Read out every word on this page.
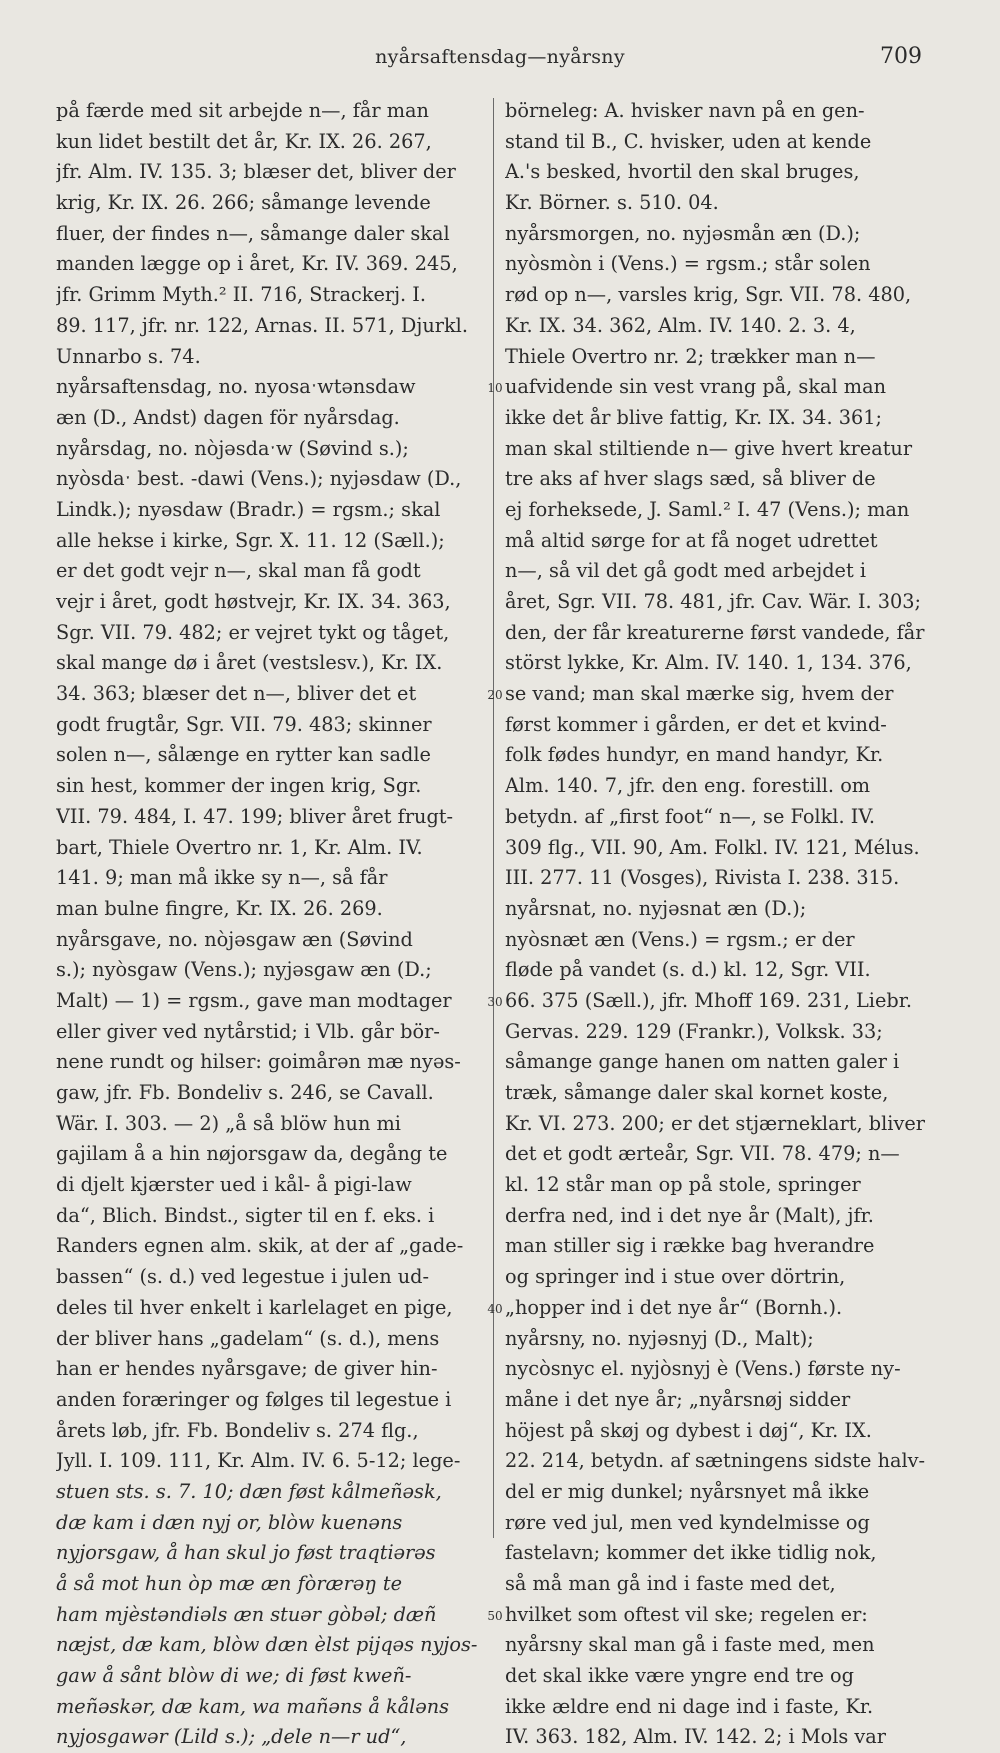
nyårsaftensdag—nyårsny	709
på færde med sit arbejde n—, får man
kun lidet bestilt det år, Kr. IX. 26. 267,
jfr. Alm. IV. 135. 3; blæser det, bliver der
krig, Kr. IX. 26. 266; såmange levende
fluer, der findes n—, såmange daler skal
manden lægge op i året, Kr. IV. 369. 245,
jfr. Grimm Myth.² II. 716, Strackerj. I.
89. 117, jfr. nr. 122, Arnas. II. 571, Djurkl.
Unnarbo s. 74.
nyårsaftensdag, no. nyosaˑwtənsdaw
æn (D., Andst) dagen för nyårsdag.
nyårsdag, no. nòjəsdaˑw (Søvind s.);
nyòsdaˑ best. -dawi (Vens.); nyjəsdaw (D.,
Lindk.); nyəsdaw (Bradr.) = rgsm.; skal
alle hekse i kirke, Sgr. X. 11. 12 (Sæll.);
er det godt vejr n—, skal man få godt
vejr i året, godt høstvejr, Kr. IX. 34. 363,
Sgr. VII. 79. 482; er vejret tykt og tåget,
skal mange dø i året (vestslesv.), Kr. IX.
34. 363; blæser det n—, bliver det et
godt frugtår, Sgr. VII. 79. 483; skinner
solen n—, sålænge en rytter kan sadle
sin hest, kommer der ingen krig, Sgr.
VII. 79. 484, I. 47. 199; bliver året frugt-
bart, Thiele Overtro nr. 1, Kr. Alm. IV.
141. 9; man må ikke sy n—, så får
man bulne fingre, Kr. IX. 26. 269.
nyårsgave, no. nòjəsgaw æn (Søvind
s.); nyòsgaw (Vens.); nyjəsgaw æn (D.;
Malt) — 1) = rgsm., gave man modtager
eller giver ved nytårstid; i Vlb. går bör-
nene rundt og hilser: goimårən mæ nyəs-
gaw, jfr. Fb. Bondeliv s. 246, se Cavall.
Wär. I. 303. — 2) „å så blöw hun mi
gajilam å a hin nøjorsgaw da, degång te
di djelt kjærster ued i kål- å pigi-law
da“, Blich. Bindst., sigter til en f. eks. i
Randers egnen alm. skik, at der af „gade-
bassen“ (s. d.) ved legestue i julen ud-
deles til hver enkelt i karlelaget en pige,
der bliver hans „gadelam“ (s. d.), mens
han er hendes nyårsgave; de giver hin-
anden foræringer og følges til legestue i
årets løb, jfr. Fb. Bondeliv s. 274 flg.,
Jyll. I. 109. 111, Kr. Alm. IV. 6. 5-12; lege-
stuen sts. s. 7. 10; dæn føst kålmeñəsk,
dæ kam i dæn nyj or, blòw kuenəns
nyjorsgaw, å han skul jo føst traqtiərəs
å så mot hun òp mæ æn fòrærəŋ te
ham mjèstəndiəls æn stuər gòbəl; dæñ
næjst, dæ kam, blòw dæn èlst pijqəs nyjos-
gaw å sånt blòw di we; di føst kweñ-
meñəskər, dæ kam, wa mañəns å kåləns
nyjosgawər (Lild s.); „dele n—r ud“,
10
20
30
40
50
börneleg: A. hvisker navn på en gen-
stand til B., C. hvisker, uden at kende
A.'s besked, hvortil den skal bruges,
Kr. Börner. s. 510. 04.
nyårsmorgen, no. nyjəsmån æn (D.);
nyòsmòn i (Vens.) = rgsm.; står solen
rød op n—, varsles krig, Sgr. VII. 78. 480,
Kr. IX. 34. 362, Alm. IV. 140. 2. 3. 4,
Thiele Overtro nr. 2; trækker man n—
uafvidende sin vest vrang på, skal man
ikke det år blive fattig, Kr. IX. 34. 361;
man skal stiltiende n— give hvert kreatur
tre aks af hver slags sæd, så bliver de
ej forheksede, J. Saml.² I. 47 (Vens.); man
må altid sørge for at få noget udrettet
n—, så vil det gå godt med arbejdet i
året, Sgr. VII. 78. 481, jfr. Cav. Wär. I. 303;
den, der får kreaturerne først vandede, får
störst lykke, Kr. Alm. IV. 140. 1, 134. 376,
se vand; man skal mærke sig, hvem der
først kommer i gården, er det et kvind-
folk fødes hundyr, en mand handyr, Kr.
Alm. 140. 7, jfr. den eng. forestill. om
betydn. af „first foot“ n—, se Folkl. IV.
309 flg., VII. 90, Am. Folkl. IV. 121, Mélus.
III. 277. 11 (Vosges), Rivista I. 238. 315.
nyårsnat, no. nyjəsnat æn (D.);
nyòsnæt æn (Vens.) = rgsm.; er der
fløde på vandet (s. d.) kl. 12, Sgr. VII.
66. 375 (Sæll.), jfr. Mhoff 169. 231, Liebr.
Gervas. 229. 129 (Frankr.), Volksk. 33;
såmange gange hanen om natten galer i
træk, såmange daler skal kornet koste,
Kr. VI. 273. 200; er det stjærneklart, bliver
det et godt ærteår, Sgr. VII. 78. 479; n—
kl. 12 står man op på stole, springer
derfra ned, ind i det nye år (Malt), jfr.
man stiller sig i række bag hverandre
og springer ind i stue over dörtrin,
„hopper ind i det nye år“ (Bornh.).
nyårsny, no. nyjəsnyj (D., Malt);
nycòsnyc el. nyjòsnyj è (Vens.) første ny-
måne i det nye år; „nyårsnøj sidder
höjest på skøj og dybest i døj“, Kr. IX.
22. 214, betydn. af sætningens sidste halv-
del er mig dunkel; nyårsnyet må ikke
røre ved jul, men ved kyndelmisse og
fastelavn; kommer det ikke tidlig nok,
så må man gå ind i faste med det,
hvilket som oftest vil ske; regelen er:
nyårsny skal man gå i faste med, men
det skal ikke være yngre end tre og
ikke ældre end ni dage ind i faste, Kr.
IV. 363. 182, Alm. IV. 142. 2; i Mols var
